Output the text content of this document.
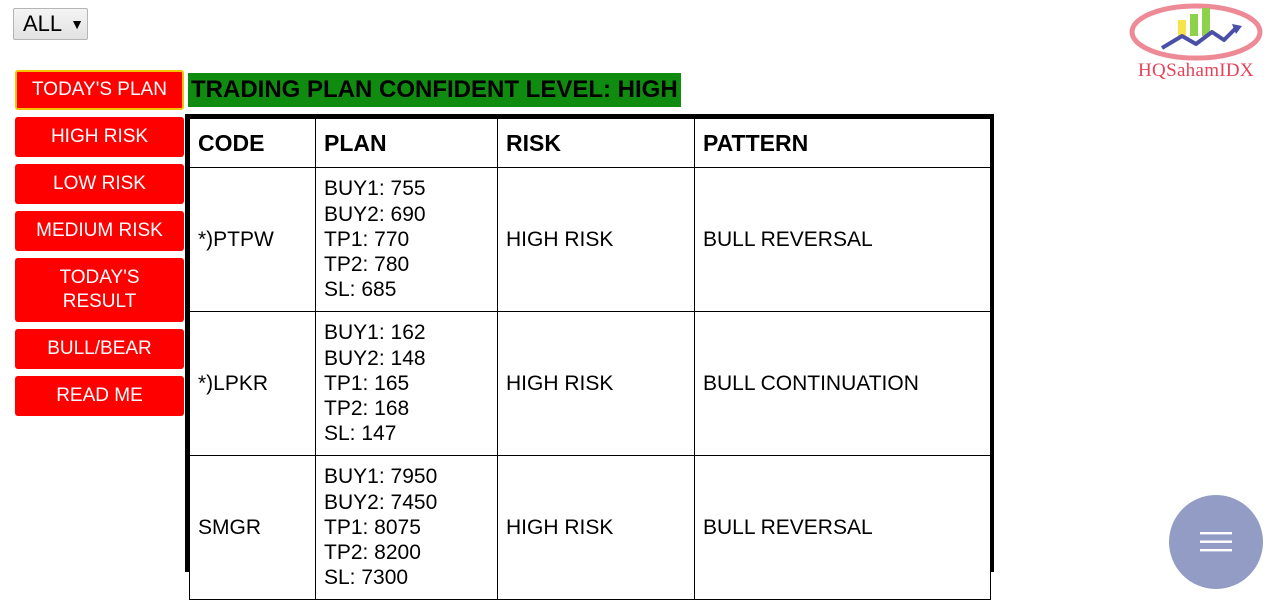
ALL ▼
HQSahamIDX
TODAY'S PLAN
HIGH RISK
LOW RISK
MEDIUM RISK
TODAY'S RESULT
BULL/BEAR
READ ME
TRADING PLAN CONFIDENT LEVEL: HIGH
CODE	PLAN	RISK	PATTERN
*)PTPW	BUY1: 755
BUY2: 690
TP1: 770
TP2: 780
SL: 685	HIGH RISK	BULL REVERSAL
*)LPKR	BUY1: 162
BUY2: 148
TP1: 165
TP2: 168
SL: 147	HIGH RISK	BULL CONTINUATION
SMGR	BUY1: 7950
BUY2: 7450
TP1: 8075
TP2: 8200
SL: 7300	HIGH RISK	BULL REVERSAL
